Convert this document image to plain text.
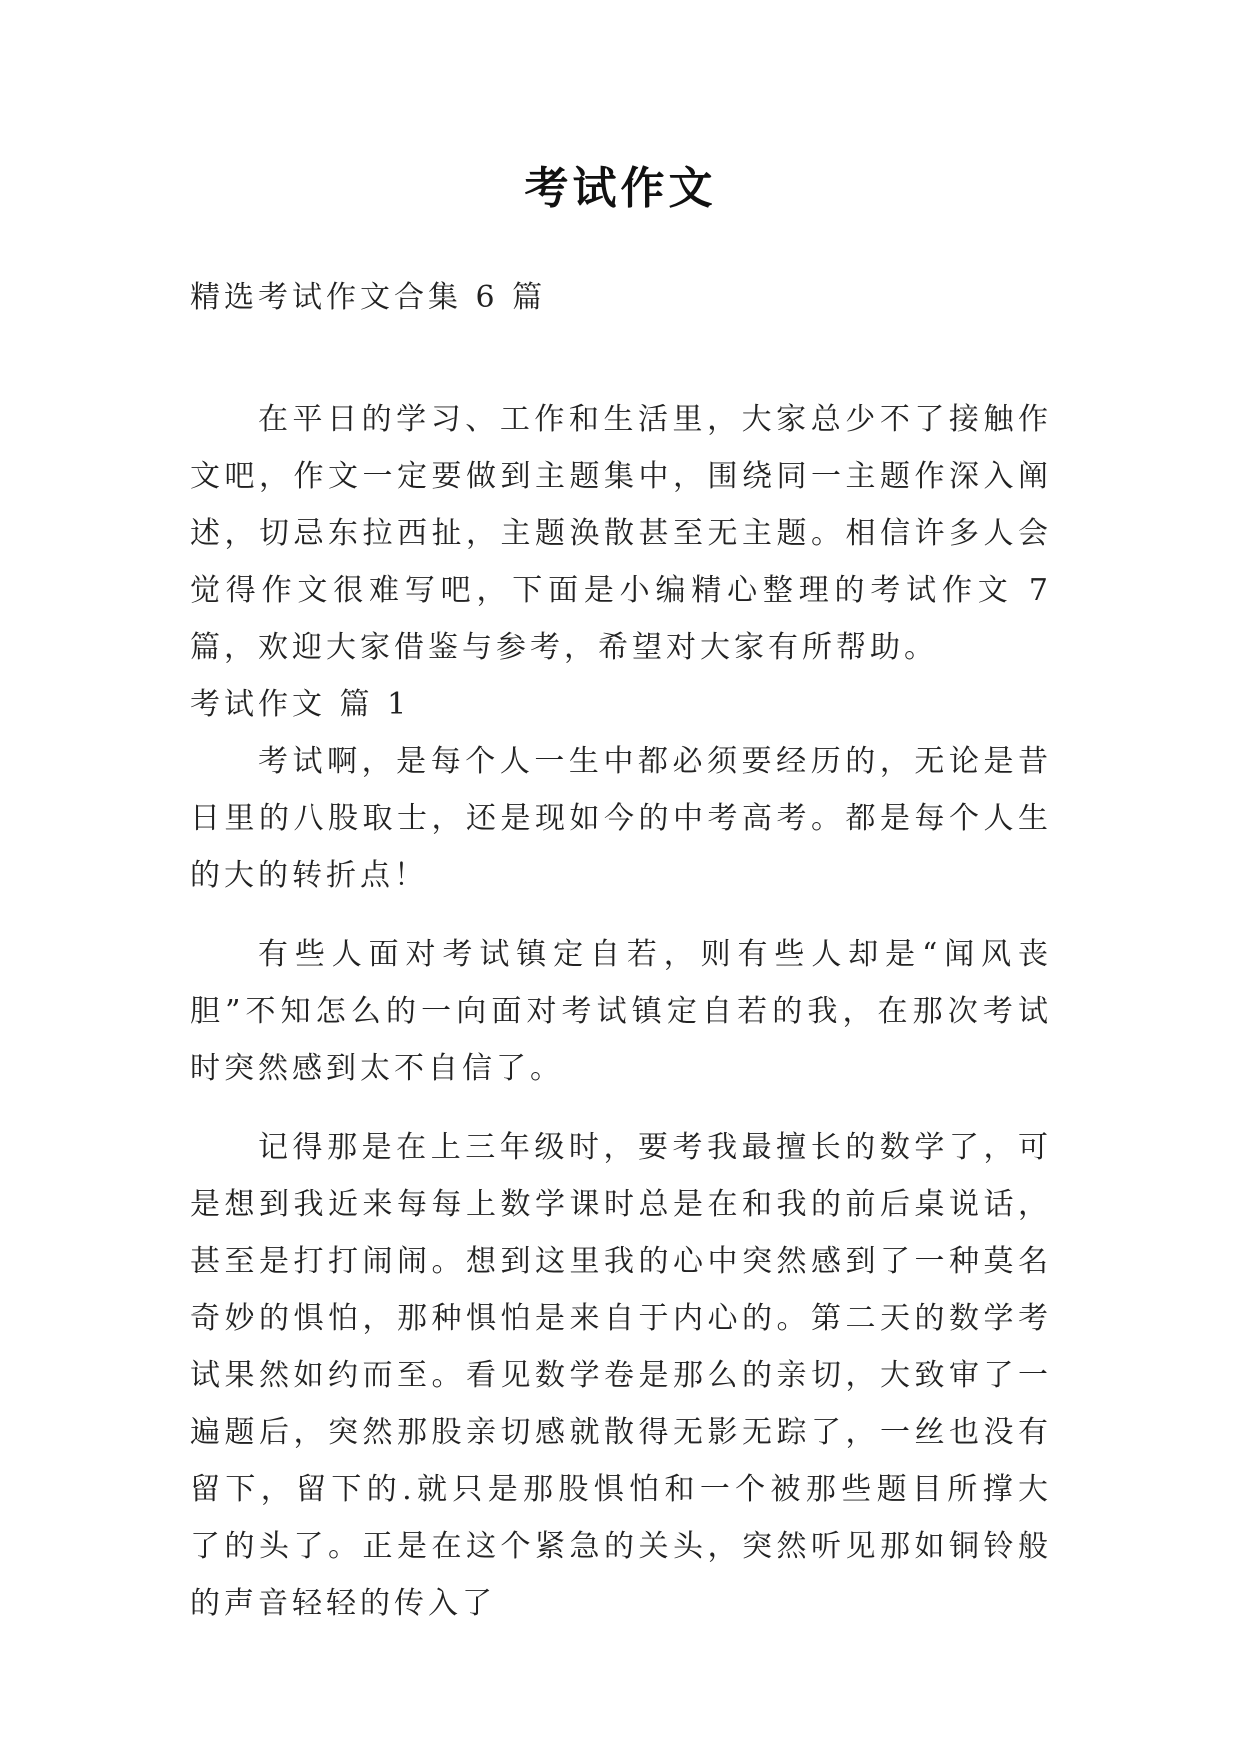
考试作文
精选考试作文合集 6 篇

在平日的学习、工作和生活里，大家总少不了接触作文吧，作文一定要做到主题集中，围绕同一主题作深入阐述，切忌东拉西扯，主题涣散甚至无主题。相信许多人会觉得作文很难写吧，下面是小编精心整理的考试作文 7 篇，欢迎大家借鉴与参考，希望对大家有所帮助。

考试作文 篇 1

考试啊，是每个人一生中都必须要经历的，无论是昔日里的八股取士，还是现如今的中考高考。都是每个人生的大的转折点！

有些人面对考试镇定自若，则有些人却是“闻风丧胆”不知怎么的一向面对考试镇定自若的我，在那次考试时突然感到太不自信了。

记得那是在上三年级时，要考我最擅长的数学了，可是想到我近来每每上数学课时总是在和我的前后桌说话，甚至是打打闹闹。想到这里我的心中突然感到了一种莫名奇妙的惧怕，那种惧怕是来自于内心的。第二天的数学考试果然如约而至。看见数学卷是那么的亲切，大致审了一遍题后，突然那股亲切感就散得无影无踪了，一丝也没有留下，留下的.就只是那股惧怕和一个被那些题目所撑大了的头了。正是在这个紧急的关头，突然听见那如铜铃般的声音轻轻的传入了
